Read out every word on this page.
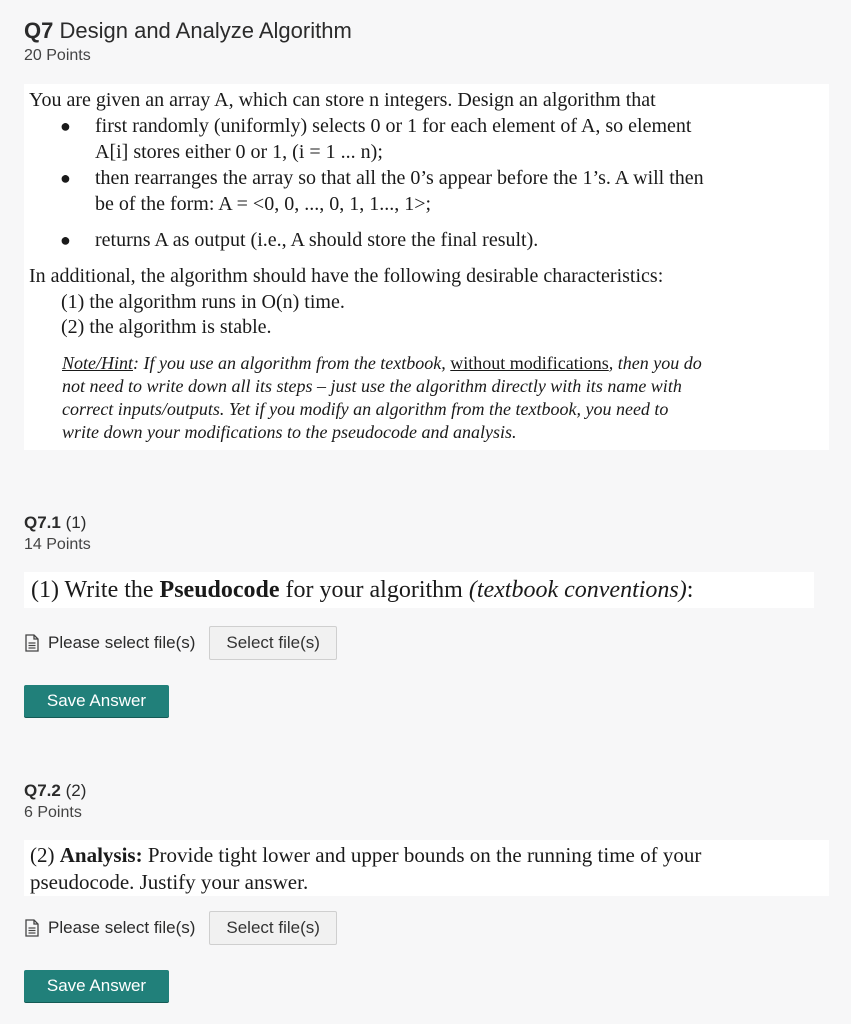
Q7 Design and Analyze Algorithm
20 Points
You are given an array A, which can store n integers. Design an algorithm that
● first randomly (uniformly) selects 0 or 1 for each element of A, so element
A[i] stores either 0 or 1, (i = 1 ... n);
● then rearranges the array so that all the 0’s appear before the 1’s. A will then
be of the form: A = <0, 0, ..., 0, 1, 1..., 1>;
● returns A as output (i.e., A should store the final result).
In additional, the algorithm should have the following desirable characteristics:
(1) the algorithm runs in O(n) time.
(2) the algorithm is stable.
Note/Hint: If you use an algorithm from the textbook, without modifications, then you do
not need to write down all its steps – just use the algorithm directly with its name with
correct inputs/outputs. Yet if you modify an algorithm from the textbook, you need to
write down your modifications to the pseudocode and analysis.
Q7.1 (1)
14 Points
(1) Write the Pseudocode for your algorithm (textbook conventions):
Please select file(s)	Select file(s)
Save Answer
Q7.2 (2)
6 Points
(2) Analysis: Provide tight lower and upper bounds on the running time of your
pseudocode. Justify your answer.
Please select file(s)	Select file(s)
Save Answer
